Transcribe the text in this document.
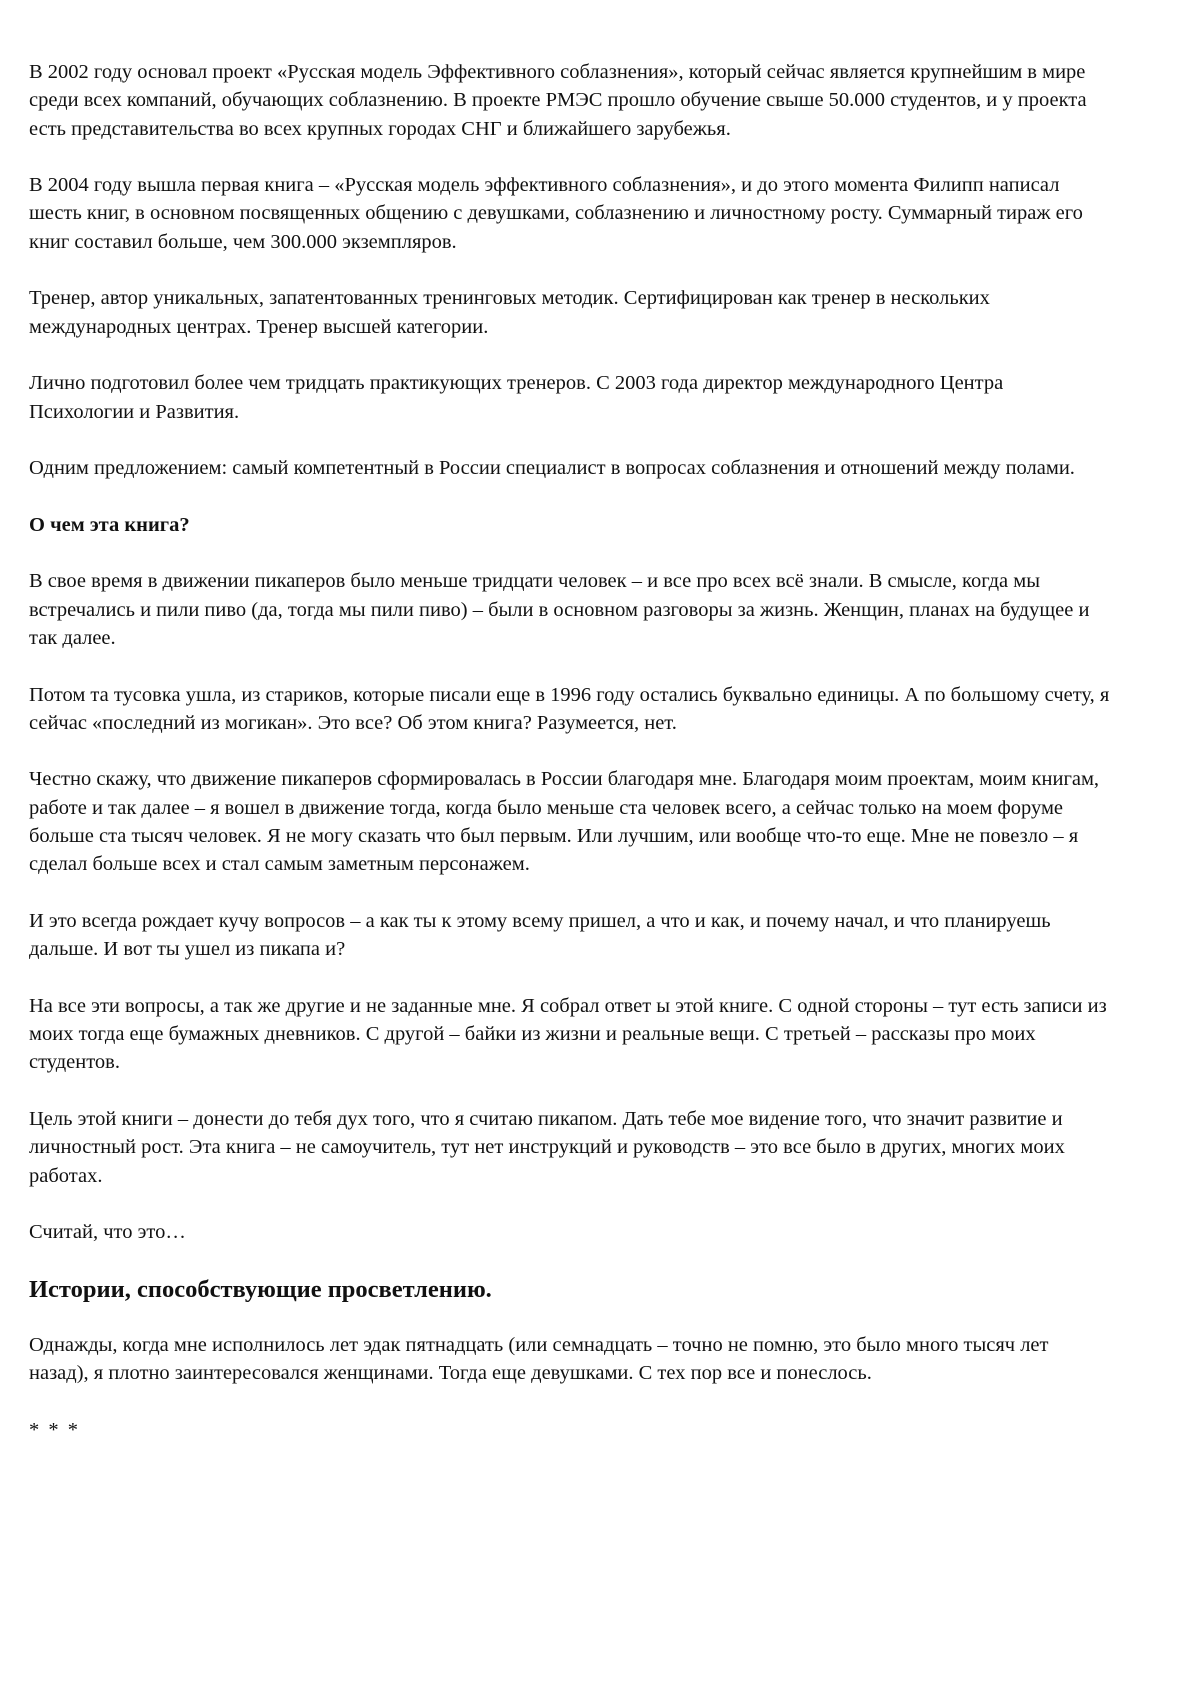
В 2002 году основал проект «Русская модель Эффективного соблазнения», который сейчас является крупнейшим в мире среди всех компаний, обучающих соблазнению. В проекте РМЭС прошло обучение свыше 50.000 студентов, и у проекта есть представительства во всех крупных городах СНГ и ближайшего зарубежья.

В 2004 году вышла первая книга – «Русская модель эффективного соблазнения», и до этого момента Филипп написал шесть книг, в основном посвященных общению с девушками, соблазнению и личностному росту. Суммарный тираж его книг составил больше, чем 300.000 экземпляров.

Тренер, автор уникальных, запатентованных тренинговых методик. Сертифицирован как тренер в нескольких международных центрах. Тренер высшей категории.

Лично подготовил более чем тридцать практикующих тренеров. С 2003 года директор международного Центра Психологии и Развития.

Одним предложением: самый компетентный в России специалист в вопросах соблазнения и отношений между полами.

О чем эта книга?

В свое время в движении пикаперов было меньше тридцати человек – и все про всех всё знали. В смысле, когда мы встречались и пили пиво (да, тогда мы пили пиво) – были в основном разговоры за жизнь. Женщин, планах на будущее и так далее.

Потом та тусовка ушла, из стариков, которые писали еще в 1996 году остались буквально единицы. А по большому счету, я сейчас «последний из могикан». Это все? Об этом книга? Разумеется, нет.

Честно скажу, что движение пикаперов сформировалась в России благодаря мне. Благодаря моим проектам, моим книгам, работе и так далее – я вошел в движение тогда, когда было меньше ста человек всего, а сейчас только на моем форуме больше ста тысяч человек. Я не могу сказать что был первым. Или лучшим, или вообще что-то еще. Мне не повезло – я сделал больше всех и стал самым заметным персонажем.

И это всегда рождает кучу вопросов – а как ты к этому всему пришел, а что и как, и почему начал, и что планируешь дальше. И вот ты ушел из пикапа и?

На все эти вопросы, а так же другие и не заданные мне. Я собрал ответ ы этой книге. С одной стороны – тут есть записи из моих тогда еще бумажных дневников. С другой – байки из жизни и реальные вещи. С третьей – рассказы про моих студентов.

Цель этой книги – донести до тебя дух того, что я считаю пикапом. Дать тебе мое видение того, что значит развитие и личностный рост. Эта книга – не самоучитель, тут нет инструкций и руководств – это все было в других, многих моих работах.

Считай, что это…

Истории, способствующие просветлению.

Однажды, когда мне исполнилось лет эдак пятнадцать (или семнадцать – точно не помню, это было много тысяч лет назад), я плотно заинтересовался женщинами. Тогда еще девушками. С тех пор все и понеслось.

* * *
